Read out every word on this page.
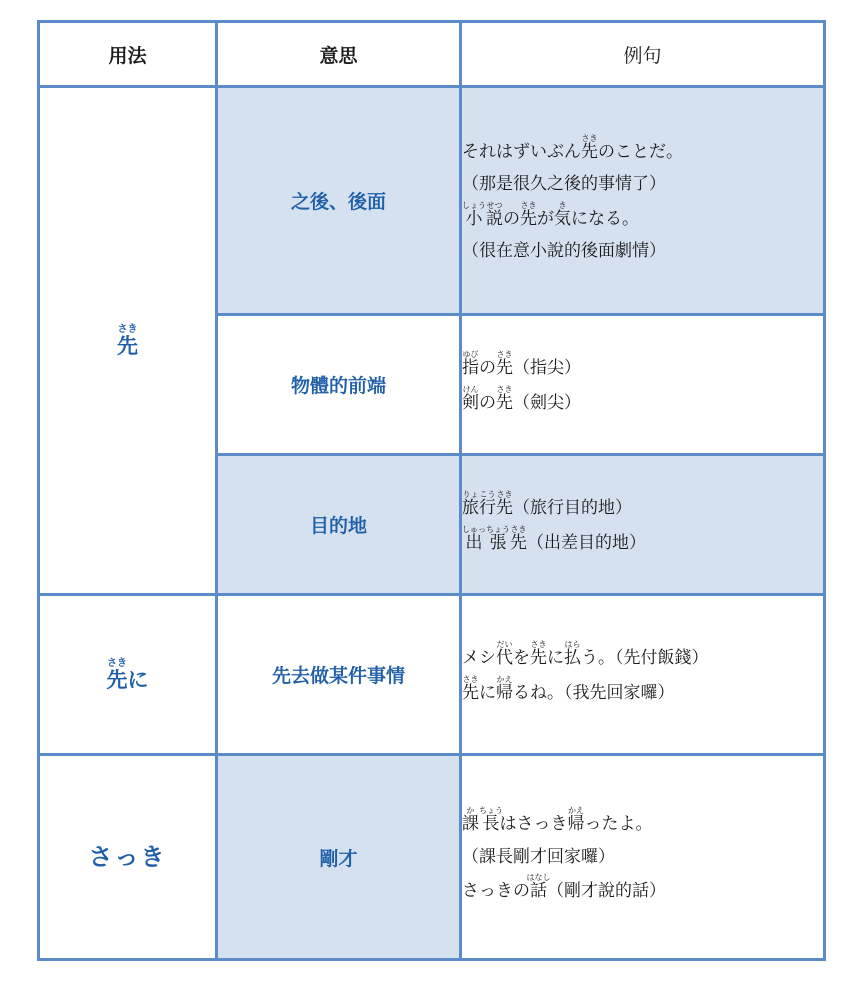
用法	意思	例句
先さき	之後、後面	それはずいぶん先さきのことだ。
（那是很久之後的事情了）
小しょう説せつの先さきが気きになる。
（很在意小說的後面劇情）

	物體的前端	指ゆびの先さき（指尖）
剣けんの先さき（劍尖）

	目的地	旅りょ行こう先さき（旅行目的地）
出しゅっ張ちょう先さき（出差目的地）

先さきに	先去做某件事情	メシ代だいを先さきに払はらう。（先付飯錢）
先さきに帰かえるね。（我先回家囉）

さっき	剛才	課か長ちょうはさっき帰かえったよ。
（課長剛才回家囉）
さっきの話はなし（剛才說的話）
